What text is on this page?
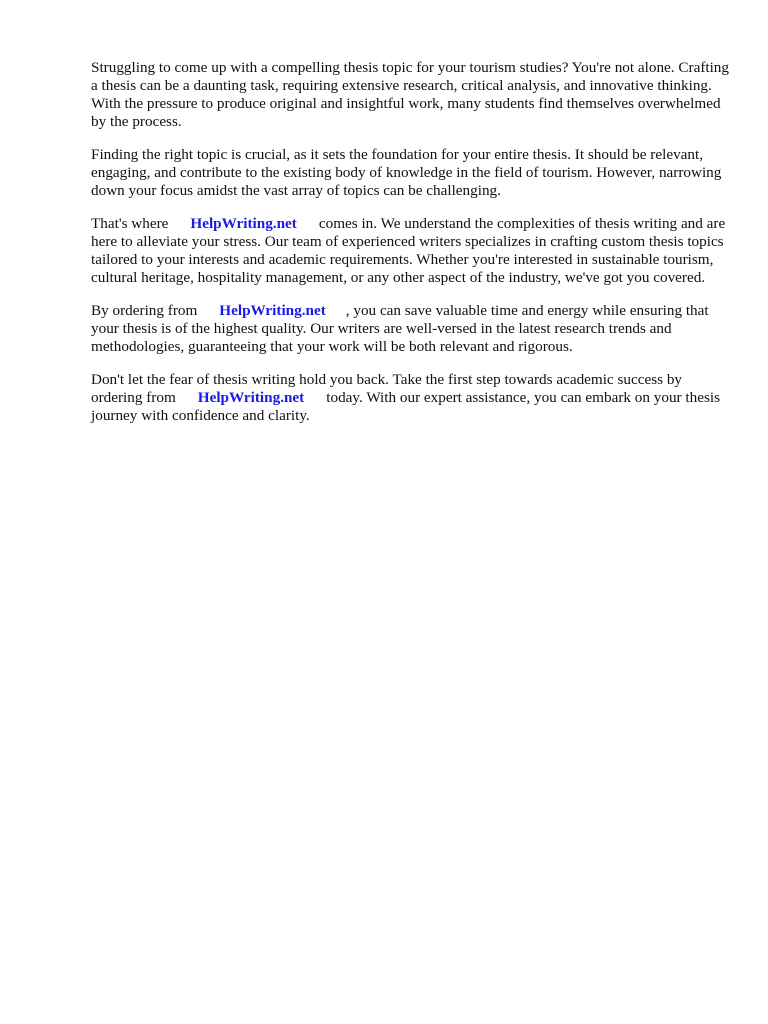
Struggling to come up with a compelling thesis topic for your tourism studies? You're not alone. Crafting a thesis can be a daunting task, requiring extensive research, critical analysis, and innovative thinking. With the pressure to produce original and insightful work, many students find themselves overwhelmed by the process.

Finding the right topic is crucial, as it sets the foundation for your entire thesis. It should be relevant, engaging, and contribute to the existing body of knowledge in the field of tourism. However, narrowing down your focus amidst the vast array of topics can be challenging.

That's where HelpWriting.net comes in. We understand the complexities of thesis writing and are here to alleviate your stress. Our team of experienced writers specializes in crafting custom thesis topics tailored to your interests and academic requirements. Whether you're interested in sustainable tourism, cultural heritage, hospitality management, or any other aspect of the industry, we've got you covered.

By ordering from HelpWriting.net , you can save valuable time and energy while ensuring that your thesis is of the highest quality. Our writers are well-versed in the latest research trends and methodologies, guaranteeing that your work will be both relevant and rigorous.

Don't let the fear of thesis writing hold you back. Take the first step towards academic success by ordering from HelpWriting.net today. With our expert assistance, you can embark on your thesis journey with confidence and clarity.
